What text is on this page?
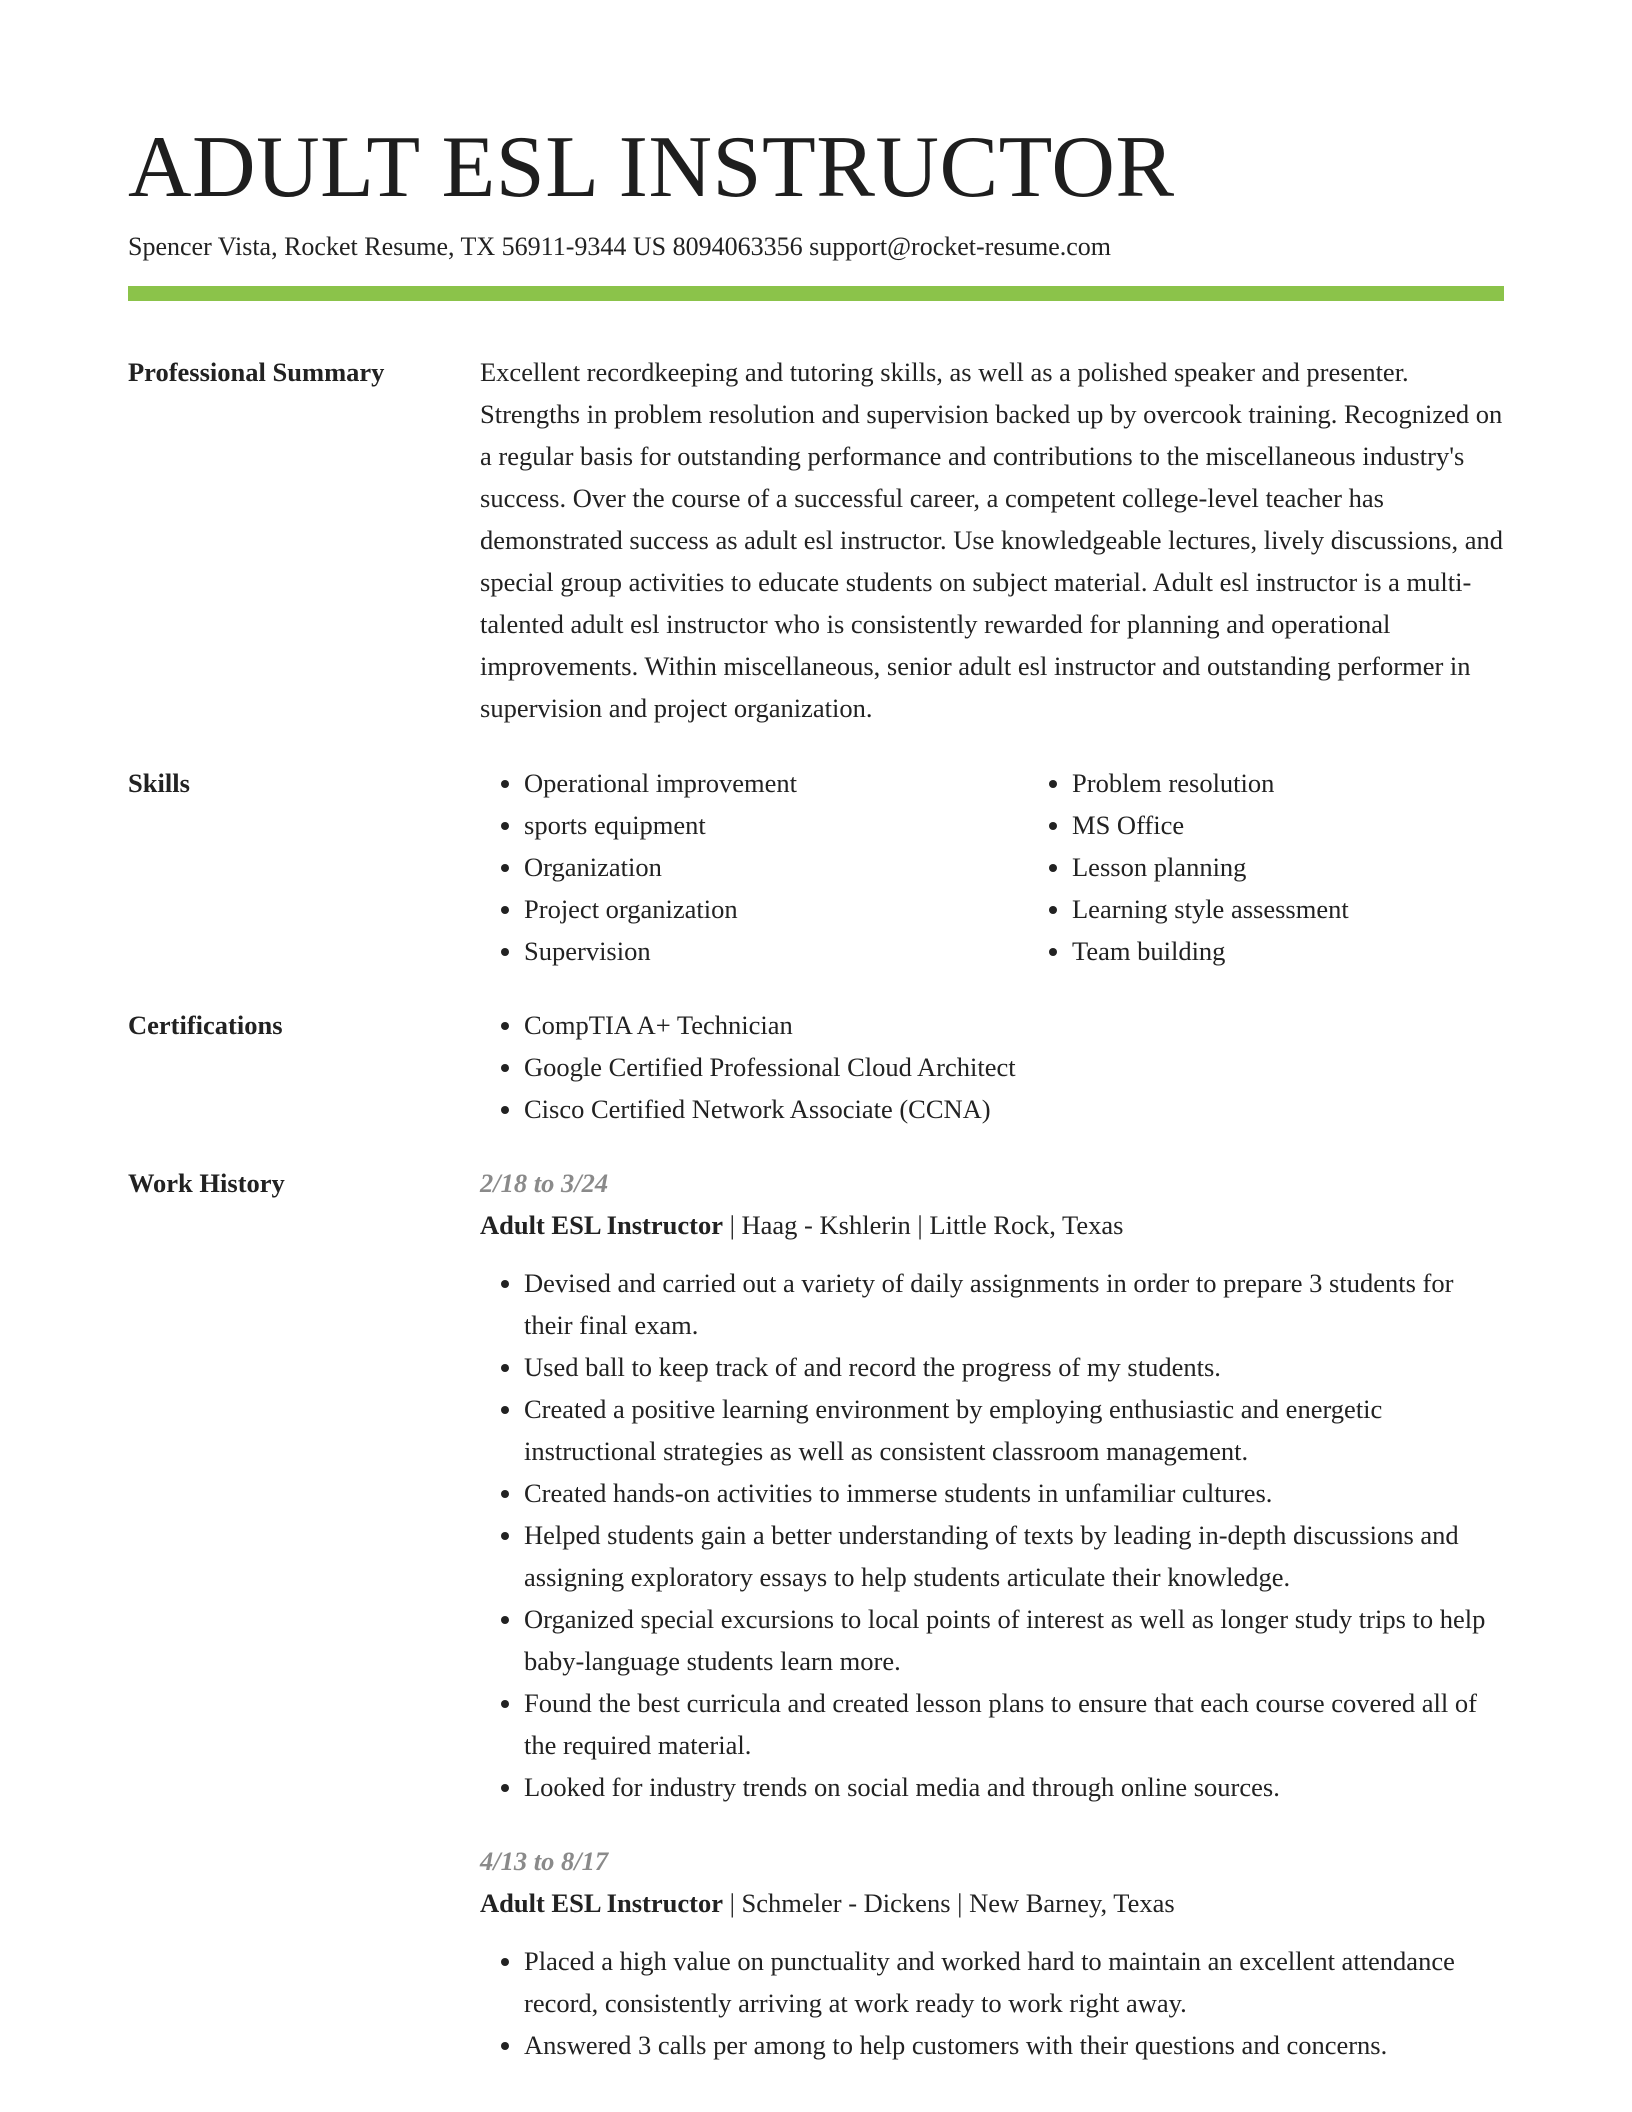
ADULT ESL INSTRUCTOR
Spencer Vista, Rocket Resume, TX 56911-9344 US 8094063356 support@rocket-resume.com
Professional Summary	Excellent recordkeeping and tutoring skills, as well as a polished speaker and presenter. Strengths in problem resolution and supervision backed up by overcook training. Recognized on a regular basis for outstanding performance and contributions to the miscellaneous industry's success. Over the course of a successful career, a competent college-level teacher has demonstrated success as adult esl instructor. Use knowledgeable lectures, lively discussions, and special group activities to educate students on subject material. Adult esl instructor is a multi-talented adult esl instructor who is consistently rewarded for planning and operational improvements. Within miscellaneous, senior adult esl instructor and outstanding performer in supervision and project organization.
Skills	• Operational improvement
• sports equipment
• Organization
• Project organization
• Supervision
• Problem resolution
• MS Office
• Lesson planning
• Learning style assessment
• Team building
Certifications	• CompTIA A+ Technician
• Google Certified Professional Cloud Architect
• Cisco Certified Network Associate (CCNA)
Work History	2/18 to 3/24
Adult ESL Instructor | Haag - Kshlerin | Little Rock, Texas
• Devised and carried out a variety of daily assignments in order to prepare 3 students for their final exam.
• Used ball to keep track of and record the progress of my students.
• Created a positive learning environment by employing enthusiastic and energetic instructional strategies as well as consistent classroom management.
• Created hands-on activities to immerse students in unfamiliar cultures.
• Helped students gain a better understanding of texts by leading in-depth discussions and assigning exploratory essays to help students articulate their knowledge.
• Organized special excursions to local points of interest as well as longer study trips to help baby-language students learn more.
• Found the best curricula and created lesson plans to ensure that each course covered all of the required material.
• Looked for industry trends on social media and through online sources.
4/13 to 8/17
Adult ESL Instructor | Schmeler - Dickens | New Barney, Texas
• Placed a high value on punctuality and worked hard to maintain an excellent attendance record, consistently arriving at work ready to work right away.
• Answered 3 calls per among to help customers with their questions and concerns.
